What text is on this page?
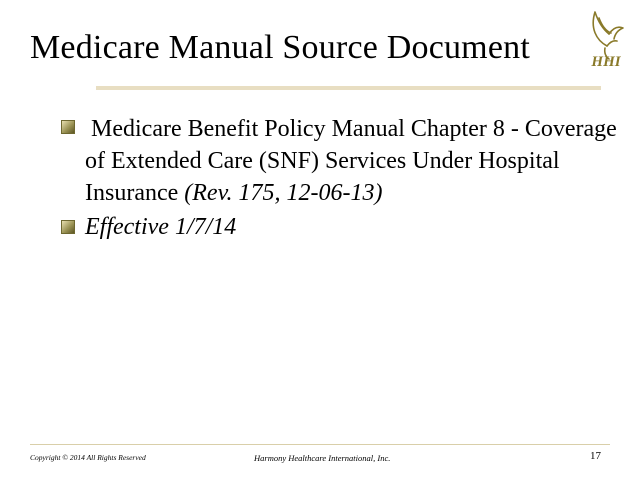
Medicare Manual Source Document	HHI
Medicare Benefit Policy Manual Chapter 8 - Coverage of Extended Care (SNF) Services Under Hospital Insurance (Rev. 175, 12-06-13)
Effective 1/7/14
Copyright © 2014 All Rights Reserved	Harmony Healthcare International, Inc.	17
